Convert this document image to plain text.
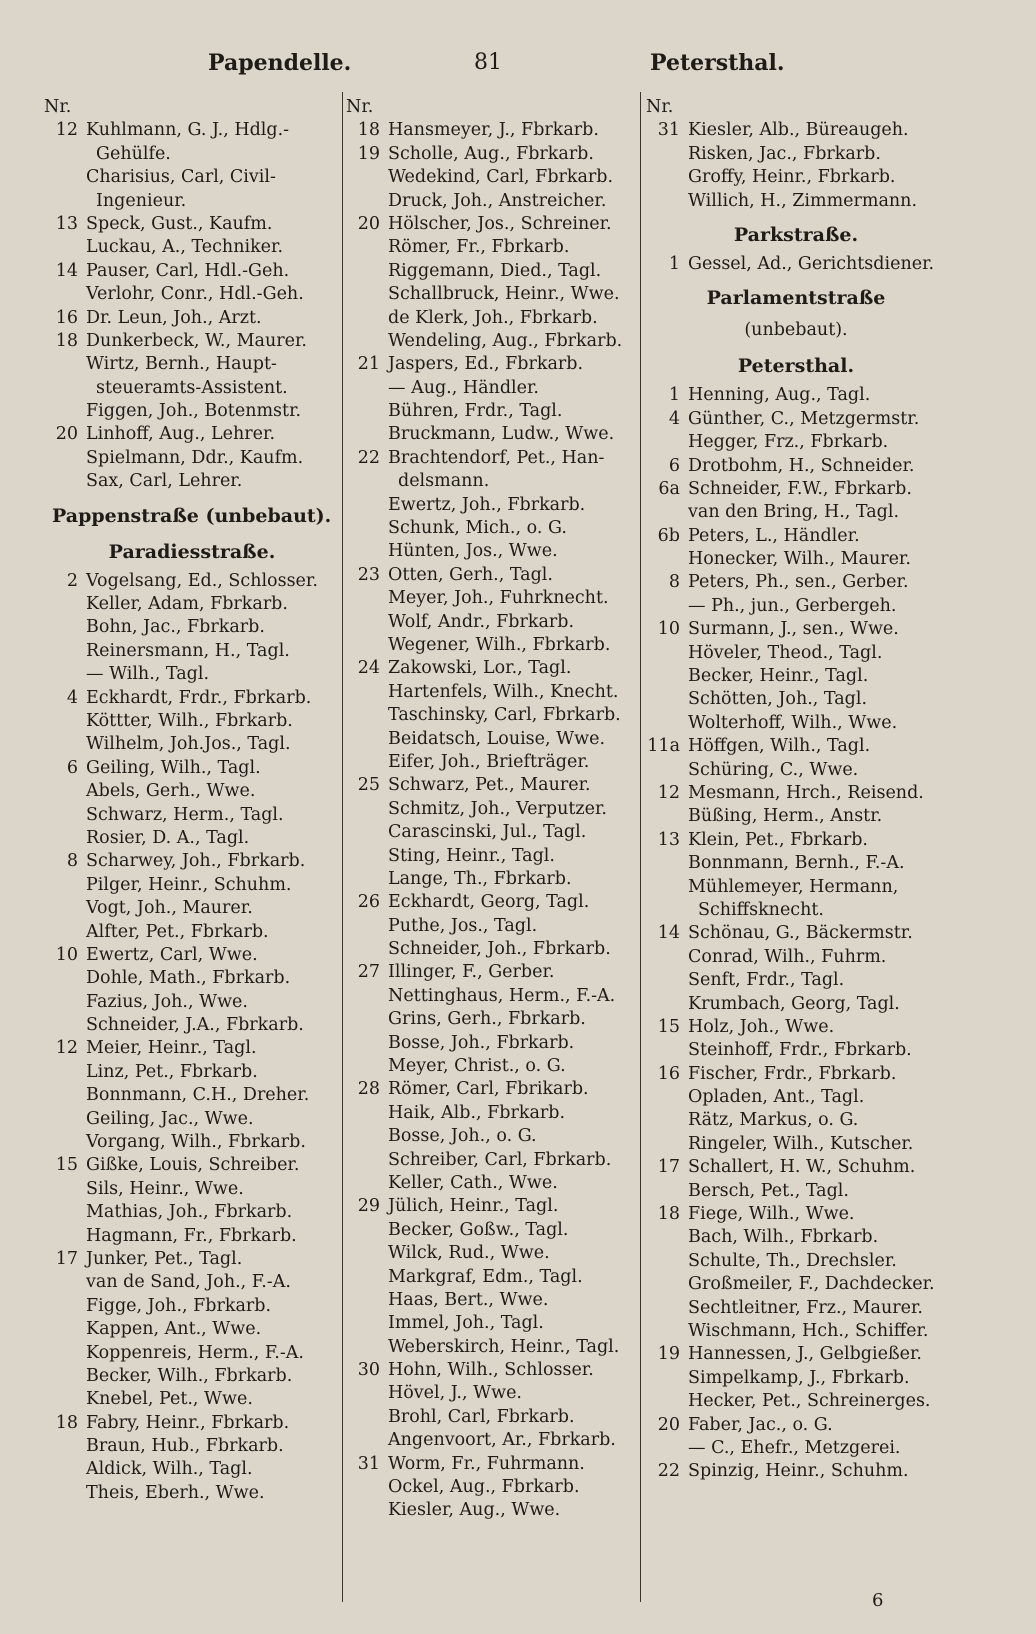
Papendelle.	81	Petersthal.
Nr.
12 Kuhlmann, G. J., Hdlg.-
Gehülfe.
Charisius, Carl, Civil-
Ingenieur.
13 Speck, Gust., Kaufm.
Luckau, A., Techniker.
14 Pauser, Carl, Hdl.-Geh.
Verlohr, Conr., Hdl.-Geh.
16 Dr. Leun, Joh., Arzt.
18 Dunkerbeck, W., Maurer.
Wirtz, Bernh., Haupt-
steueramts-Assistent.
Figgen, Joh., Botenmstr.
20 Linhoff, Aug., Lehrer.
Spielmann, Ddr., Kaufm.
Sax, Carl, Lehrer.
Pappenstraße (unbebaut).
Paradiesstraße.
2 Vogelsang, Ed., Schlosser.
Keller, Adam, Fbrkarb.
Bohn, Jac., Fbrkarb.
Reinersmann, H., Tagl.
— Wilh., Tagl.
4 Eckhardt, Frdr., Fbrkarb.
Köttter, Wilh., Fbrkarb.
Wilhelm, Joh.Jos., Tagl.
6 Geiling, Wilh., Tagl.
Abels, Gerh., Wwe.
Schwarz, Herm., Tagl.
Rosier, D. A., Tagl.
8 Scharwey, Joh., Fbrkarb.
Pilger, Heinr., Schuhm.
Vogt, Joh., Maurer.
Alfter, Pet., Fbrkarb.
10 Ewertz, Carl, Wwe.
Dohle, Math., Fbrkarb.
Fazius, Joh., Wwe.
Schneider, J.A., Fbrkarb.
12 Meier, Heinr., Tagl.
Linz, Pet., Fbrkarb.
Bonnmann, C.H., Dreher.
Geiling, Jac., Wwe.
Vorgang, Wilh., Fbrkarb.
15 Gißke, Louis, Schreiber.
Sils, Heinr., Wwe.
Mathias, Joh., Fbrkarb.
Hagmann, Fr., Fbrkarb.
17 Junker, Pet., Tagl.
van de Sand, Joh., F.-A.
Figge, Joh., Fbrkarb.
Kappen, Ant., Wwe.
Koppenreis, Herm., F.-A.
Becker, Wilh., Fbrkarb.
Knebel, Pet., Wwe.
18 Fabry, Heinr., Fbrkarb.
Braun, Hub., Fbrkarb.
Aldick, Wilh., Tagl.
Theis, Eberh., Wwe.
Nr.
18 Hansmeyer, J., Fbrkarb.
19 Scholle, Aug., Fbrkarb.
Wedekind, Carl, Fbrkarb.
Druck, Joh., Anstreicher.
20 Hölscher, Jos., Schreiner.
Römer, Fr., Fbrkarb.
Riggemann, Died., Tagl.
Schallbruck, Heinr., Wwe.
de Klerk, Joh., Fbrkarb.
Wendeling, Aug., Fbrkarb.
21 Jaspers, Ed., Fbrkarb.
— Aug., Händler.
Bühren, Frdr., Tagl.
Bruckmann, Ludw., Wwe.
22 Brachtendorf, Pet., Han-
delsmann.
Ewertz, Joh., Fbrkarb.
Schunk, Mich., o. G.
Hünten, Jos., Wwe.
23 Otten, Gerh., Tagl.
Meyer, Joh., Fuhrknecht.
Wolf, Andr., Fbrkarb.
Wegener, Wilh., Fbrkarb.
24 Zakowski, Lor., Tagl.
Hartenfels, Wilh., Knecht.
Taschinsky, Carl, Fbrkarb.
Beidatsch, Louise, Wwe.
Eifer, Joh., Briefträger.
25 Schwarz, Pet., Maurer.
Schmitz, Joh., Verputzer.
Carascinski, Jul., Tagl.
Sting, Heinr., Tagl.
Lange, Th., Fbrkarb.
26 Eckhardt, Georg, Tagl.
Puthe, Jos., Tagl.
Schneider, Joh., Fbrkarb.
27 Illinger, F., Gerber.
Nettinghaus, Herm., F.-A.
Grins, Gerh., Fbrkarb.
Bosse, Joh., Fbrkarb.
Meyer, Christ., o. G.
28 Römer, Carl, Fbrikarb.
Haik, Alb., Fbrkarb.
Bosse, Joh., o. G.
Schreiber, Carl, Fbrkarb.
Keller, Cath., Wwe.
29 Jülich, Heinr., Tagl.
Becker, Goßw., Tagl.
Wilck, Rud., Wwe.
Markgraf, Edm., Tagl.
Haas, Bert., Wwe.
Immel, Joh., Tagl.
Weberskirch, Heinr., Tagl.
30 Hohn, Wilh., Schlosser.
Hövel, J., Wwe.
Brohl, Carl, Fbrkarb.
Angenvoort, Ar., Fbrkarb.
31 Worm, Fr., Fuhrmann.
Ockel, Aug., Fbrkarb.
Kiesler, Aug., Wwe.
Nr.
31 Kiesler, Alb., Büreaugeh.
Risken, Jac., Fbrkarb.
Groffy, Heinr., Fbrkarb.
Willich, H., Zimmermann.
Parkstraße.
1 Gessel, Ad., Gerichtsdiener.
Parlamentstraße
(unbebaut).
Petersthal.
1 Henning, Aug., Tagl.
4 Günther, C., Metzgermstr.
Hegger, Frz., Fbrkarb.
6 Drotbohm, H., Schneider.
6a Schneider, F.W., Fbrkarb.
van den Bring, H., Tagl.
6b Peters, L., Händler.
Honecker, Wilh., Maurer.
8 Peters, Ph., sen., Gerber.
— Ph., jun., Gerbergeh.
10 Surmann, J., sen., Wwe.
Höveler, Theod., Tagl.
Becker, Heinr., Tagl.
Schötten, Joh., Tagl.
Wolterhoff, Wilh., Wwe.
11a Höffgen, Wilh., Tagl.
Schüring, C., Wwe.
12 Mesmann, Hrch., Reisend.
Büßing, Herm., Anstr.
13 Klein, Pet., Fbrkarb.
Bonnmann, Bernh., F.-A.
Mühlemeyer, Hermann,
Schiffsknecht.
14 Schönau, G., Bäckermstr.
Conrad, Wilh., Fuhrm.
Senft, Frdr., Tagl.
Krumbach, Georg, Tagl.
15 Holz, Joh., Wwe.
Steinhoff, Frdr., Fbrkarb.
16 Fischer, Frdr., Fbrkarb.
Opladen, Ant., Tagl.
Rätz, Markus, o. G.
Ringeler, Wilh., Kutscher.
17 Schallert, H. W., Schuhm.
Bersch, Pet., Tagl.
18 Fiege, Wilh., Wwe.
Bach, Wilh., Fbrkarb.
Schulte, Th., Drechsler.
Großmeiler, F., Dachdecker.
Sechtleitner, Frz., Maurer.
Wischmann, Hch., Schiffer.
19 Hannessen, J., Gelbgießer.
Simpelkamp, J., Fbrkarb.
Hecker, Pet., Schreinerges.
20 Faber, Jac., o. G.
— C., Ehefr., Metzgerei.
22 Spinzig, Heinr., Schuhm.
6
